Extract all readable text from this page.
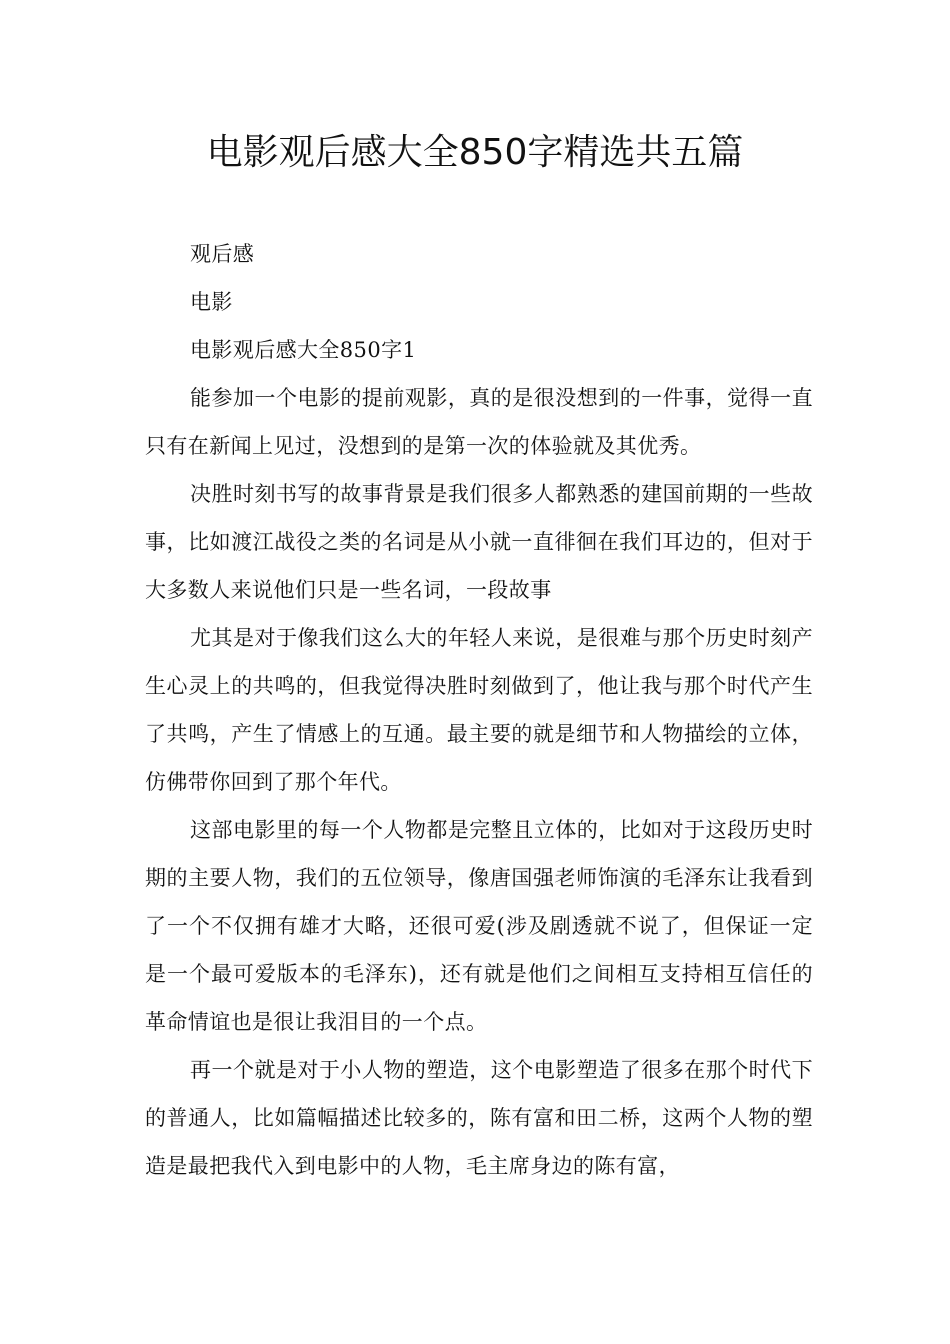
电影观后感大全850字精选共五篇

观后感

电影

电影观后感大全850字1

能参加一个电影的提前观影，真的是很没想到的一件事，觉得一直只有在新闻上见过，没想到的是第一次的体验就及其优秀。

决胜时刻书写的故事背景是我们很多人都熟悉的建国前期的一些故事，比如渡江战役之类的名词是从小就一直徘徊在我们耳边的，但对于大多数人来说他们只是一些名词，一段故事

尤其是对于像我们这么大的年轻人来说，是很难与那个历史时刻产生心灵上的共鸣的，但我觉得决胜时刻做到了，他让我与那个时代产生了共鸣，产生了情感上的互通。最主要的就是细节和人物描绘的立体，仿佛带你回到了那个年代。

这部电影里的每一个人物都是完整且立体的，比如对于这段历史时期的主要人物，我们的五位领导，像唐国强老师饰演的毛泽东让我看到了一个不仅拥有雄才大略，还很可爱(涉及剧透就不说了，但保证一定是一个最可爱版本的毛泽东)，还有就是他们之间相互支持相互信任的革命情谊也是很让我泪目的一个点。

再一个就是对于小人物的塑造，这个电影塑造了很多在那个时代下的普通人，比如篇幅描述比较多的，陈有富和田二桥，这两个人物的塑造是最把我代入到电影中的人物，毛主席身边的陈有富，
